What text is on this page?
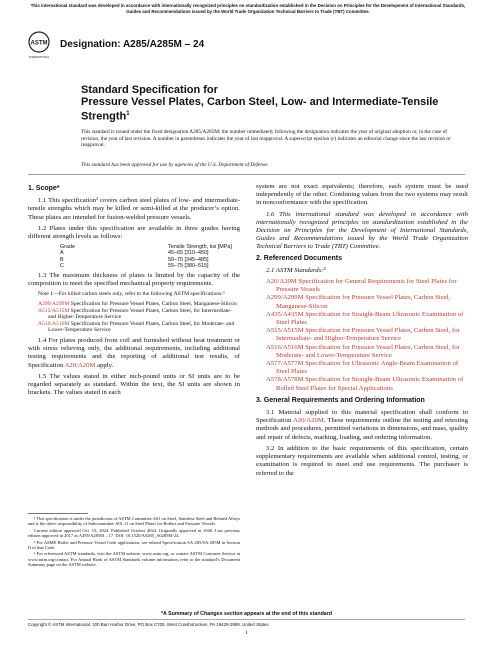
This international standard was developed in accordance with internationally recognized principles on standardization established in the Decision on Principles for the Development of International Standards, Guides and Recommendations issued by the World Trade Organization Technical Barriers to Trade (TBT) Committee.
ASTM
INTERNATIONAL
Designation: A285/A285M – 24
Standard Specification for
Pressure Vessel Plates, Carbon Steel, Low- and Intermediate-Tensile Strength$^1$
This standard is issued under the fixed designation A285/A285M; the number immediately following the designation indicates the year of original adoption or, in the case of revision, the year of last revision. A number in parentheses indicates the year of last reapproval. A superscript epsilon (ε) indicates an editorial change since the last revision or reapproval.
This standard has been approved for use by agencies of the U.S. Department of Defense.
1. Scope*

1.1 This specification² covers carbon steel plates of low- and intermediate-tensile strengths which may be killed or semi-killed at the producer’s option. These plates are intended for fusion-welded pressure vessels.

1.2 Plates under this specification are available in three grades having different strength levels as follows:

Grade	Tensile Strength, ksi [MPa]
A	45–65 [310–450]
B	50–70 [345–485]
C	55–75 [380–515]

1.3 The maximum thickness of plates is limited by the capacity of the composition to meet the specified mechanical property requirements.

Note 1—For killed carbon steels only, refer to the following ASTM specifications:³

A299/A299M Specification for Pressure Vessel Plates, Carbon Steel, Manganese-Silicon
A515/A515M Specification for Pressure Vessel Plates, Carbon Steel, for Intermediate- and Higher-Temperature Service
A516/A516M Specification for Pressure Vessel Plates, Carbon Steel, for Moderate- and Lower-Temperature Service

1.4 For plates produced from coil and furnished without heat treatment or with stress relieving only, the additional requirements, including additional testing requirements and the reporting of additional test results, of Specification A20/A20M apply.

1.5 The values stated in either inch-pound units or SI units are to be regarded separately as standard. Within the text, the SI units are shown in brackets. The values stated in each

system are not exact equivalents; therefore, each system must be used independently of the other. Combining values from the two systems may result in nonconformance with the specification.

1.6 This international standard was developed in accordance with internationally recognized principles on standardization established in the Decision on Principles for the Development of International Standards, Guides and Recommendations issued by the World Trade Organization Technical Barriers to Trade (TBT) Committee.

2. Referenced Documents

2.1 ASTM Standards:³

A20/A20M Specification for General Requirements for Steel Plates for Pressure Vessels
A299/A299M Specification for Pressure Vessel Plates, Carbon Steel, Manganese-Silicon
A435/A435M Specification for Straight-Beam Ultrasonic Examination of Steel Plates
A515/A515M Specification for Pressure Vessel Plates, Carbon Steel, for Intermediate- and Higher-Temperature Service
A516/A516M Specification for Pressure Vessel Plates, Carbon Steel, for Moderate- and Lower-Temperature Service
A577/A577M Specification for Ultrasonic Angle-Beam Examination of Steel Plates
A578/A578M Specification for Straight-Beam Ultrasonic Examination of Rolled Steel Plates for Special Applications
3. General Requirements and Ordering Information

3.1 Material supplied to this material specification shall conform to Specification A20/A20M. These requirements outline the testing and retesting methods and procedures, permitted variations in dimensions, and mass, quality and repair of defects, marking, loading, and ordering information.

3.2 In addition to the basic requirements of this specification, certain supplementary requirements are available when additional control, testing, or examination is required to meet end use requirements. The purchaser is referred to the

¹ This specification is under the jurisdiction of ASTM Committee A01 on Steel, Stainless Steel and Related Alloys and is the direct responsibility of Subcommittee A01.11 on Steel Plates for Boilers and Pressure Vessels.

Current edition approved Oct. 15, 2024. Published October 2024. Originally approved in 1946. Last previous edition approved in 2017 as A285/A285M – 17. DOI: 10.1520/A0285_A0285M-24.

² For ASME Boiler and Pressure Vessel Code applications, see related Specification SA-285/SA-285M in Section II of that Code.

³ For referenced ASTM standards, visit the ASTM website, www.astm.org, or contact ASTM Customer Service at www.astm.org/contact. For Annual Book of ASTM Standards volume information, refer to the standard’s Document Summary page on the ASTM website.

*A Summary of Changes section appears at the end of this standard
Copyright © ASTM International, 100 Barr Harbor Drive, PO Box C700, West Conshohocken, PA 19428-2959. United States
1
